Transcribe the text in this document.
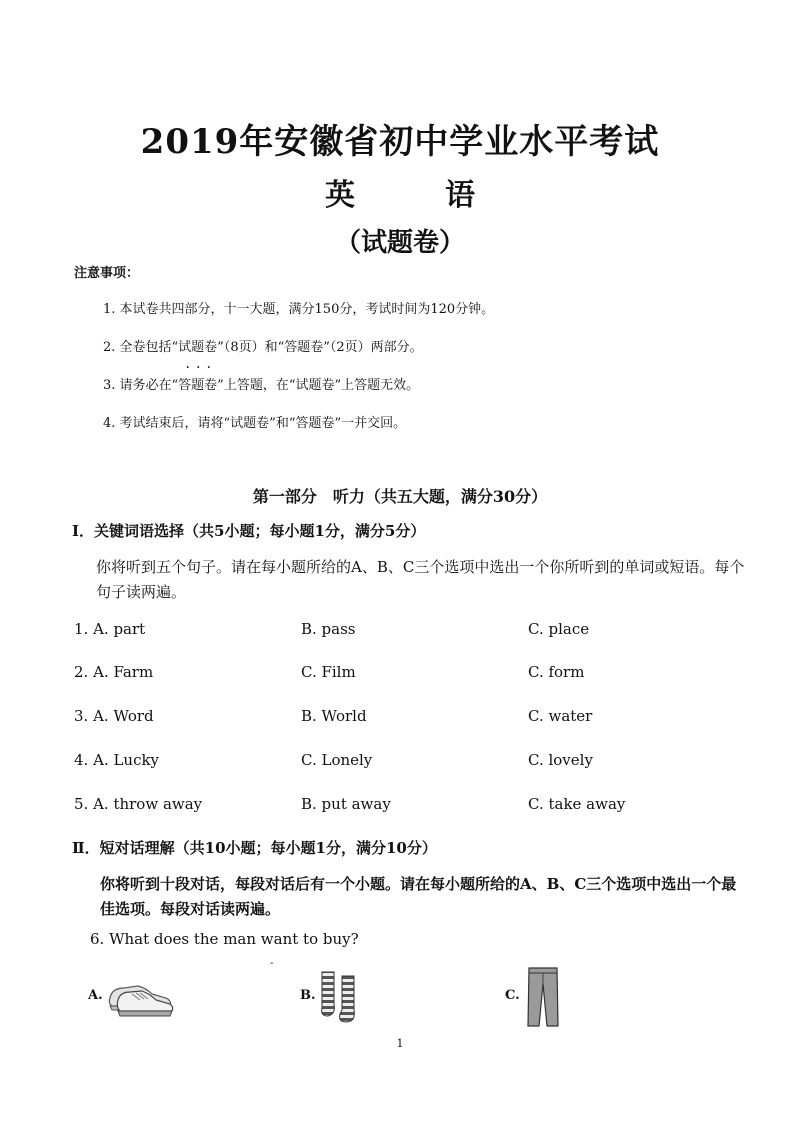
2019年安徽省初中学业水平考试
英　　　语
（试题卷）
注意事项：
1. 本试卷共四部分，十一大题，满分150分，考试时间为120分钟。
2. 全卷包括“试题卷”（8页）和“答题卷”（2页）两部分。
...
3. 请务必在“答题卷”上答题，在“试题卷”上答题无效。
4. 考试结束后，请将“试题卷”和“答题卷”一并交回。
第一部分　听力（共五大题，满分30分）
I．关键词语选择（共5小题；每小题1分，满分5分）
你将听到五个句子。请在每小题所给的A、B、C三个选项中选出一个你所听到的单词或短语。每个句子读两遍。
1. A. part	B. pass	C. place
2. A. Farm	C. Film	C. form
3. A. Word	B. World	C. water
4. A. Lucky	C. Lonely	C. lovely
5. A. throw away	B. put away	C. take away
Ⅱ．短对话理解（共10小题；每小题1分，满分10分）
你将听到十段对话，每段对话后有一个小题。请在每小题所给的A、B、C三个选项中选出一个最佳选项。每段对话读两遍。
6. What does the man want to buy?
-
A.	B.	C.
1
